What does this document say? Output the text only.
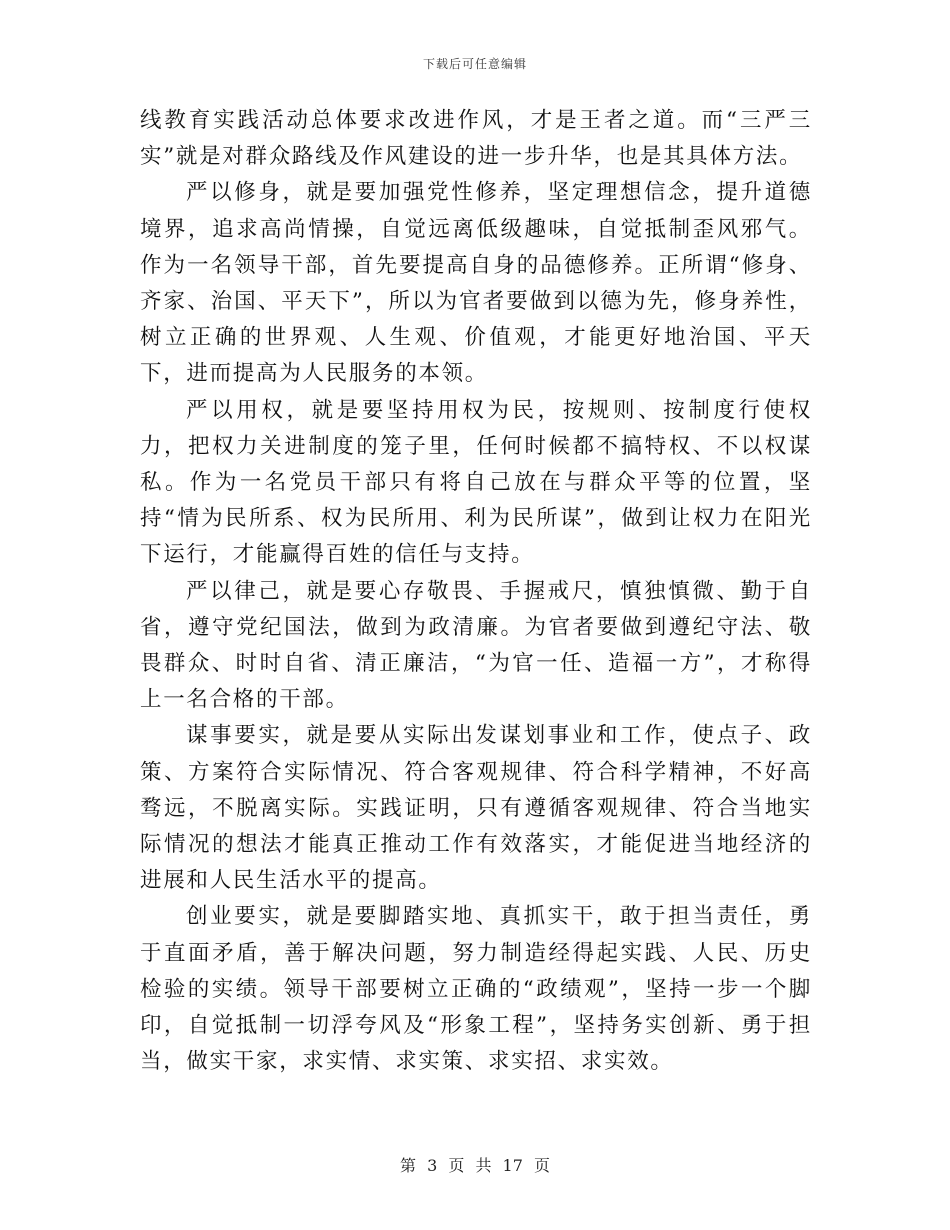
下载后可任意编辑

线教育实践活动总体要求改进作风，才是王者之道。而“三严三实”就是对群众路线及作风建设的进一步升华，也是其具体方法。

严以修身，就是要加强党性修养，坚定理想信念，提升道德境界，追求高尚情操，自觉远离低级趣味，自觉抵制歪风邪气。作为一名领导干部，首先要提高自身的品德修养。正所谓“修身、齐家、治国、平天下”，所以为官者要做到以德为先，修身养性，树立正确的世界观、人生观、价值观，才能更好地治国、平天下，进而提高为人民服务的本领。

严以用权，就是要坚持用权为民，按规则、按制度行使权力，把权力关进制度的笼子里，任何时候都不搞特权、不以权谋私。作为一名党员干部只有将自己放在与群众平等的位置，坚持“情为民所系、权为民所用、利为民所谋”，做到让权力在阳光下运行，才能赢得百姓的信任与支持。

严以律己，就是要心存敬畏、手握戒尺，慎独慎微、勤于自省，遵守党纪国法，做到为政清廉。为官者要做到遵纪守法、敬畏群众、时时自省、清正廉洁，“为官一任、造福一方”，才称得上一名合格的干部。

谋事要实，就是要从实际出发谋划事业和工作，使点子、政策、方案符合实际情况、符合客观规律、符合科学精神，不好高骛远，不脱离实际。实践证明，只有遵循客观规律、符合当地实际情况的想法才能真正推动工作有效落实，才能促进当地经济的进展和人民生活水平的提高。

创业要实，就是要脚踏实地、真抓实干，敢于担当责任，勇于直面矛盾，善于解决问题，努力制造经得起实践、人民、历史检验的实绩。领导干部要树立正确的“政绩观”，坚持一步一个脚印，自觉抵制一切浮夸风及“形象工程”，坚持务实创新、勇于担当，做实干家，求实情、求实策、求实招、求实效。

第 3 页 共 17 页
